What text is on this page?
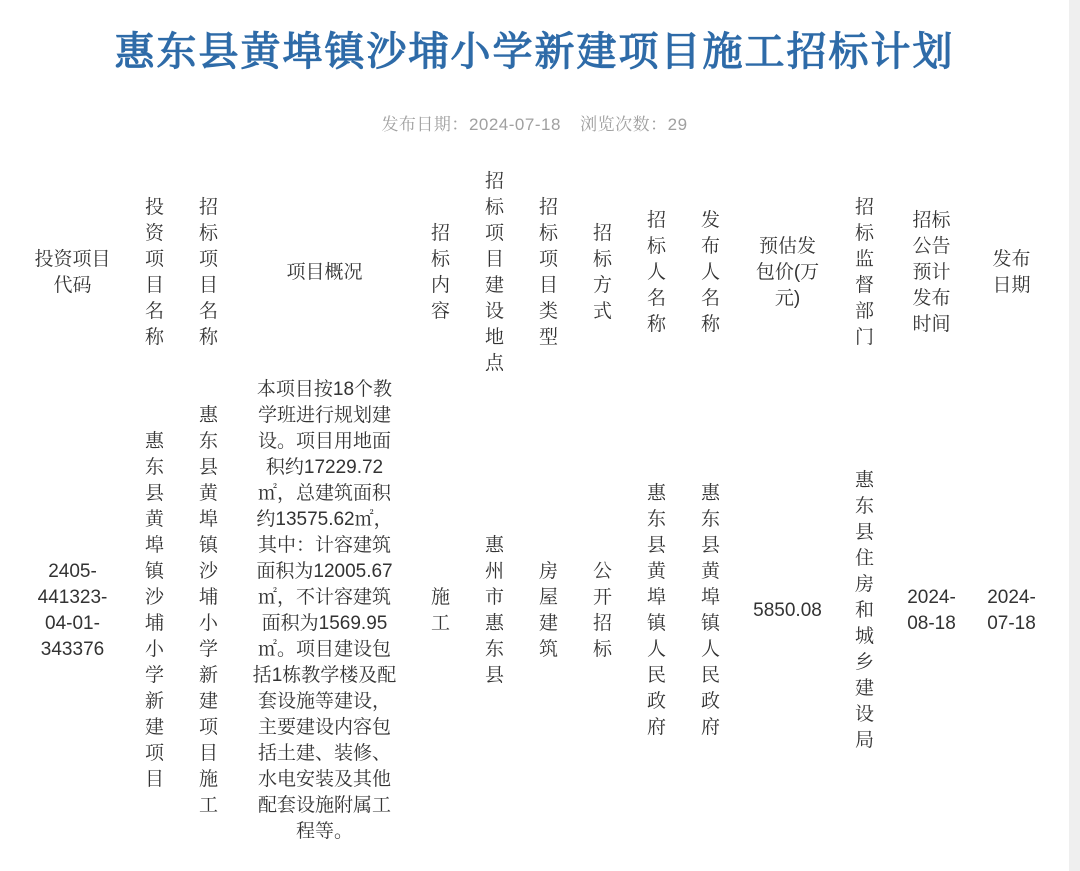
惠东县黄埠镇沙埔小学新建项目施工招标计划
发布日期：2024-07-18 浏览次数：29
投资项目代码	投资项目名称	招标项目名称	项目概况	招标内容	招标项目建设地点	招标项目类型	招标方式	招标人名称	发布人名称	预估发包价(万元)	招标监督部门	招标公告预计发布时间	发布日期
2405-441323-04-01-343376	惠东县黄埠镇沙埔小学新建项目	惠东县黄埠镇沙埔小学新建项目施工	本项目按18个教学班进行规划建设。项目用地面积约17229.72㎡，总建筑面积约13575.62㎡，其中：计容建筑面积为12005.67㎡，不计容建筑面积为1569.95㎡。项目建设包括1栋教学楼及配套设施等建设，主要建设内容包括土建、装修、水电安装及其他配套设施附属工程等。	施工	惠州市惠东县	房屋建筑	公开招标	惠东县黄埠镇人民政府	惠东县黄埠镇人民政府	5850.08	惠东县住房和城乡建设局	2024-08-18	2024-07-18
